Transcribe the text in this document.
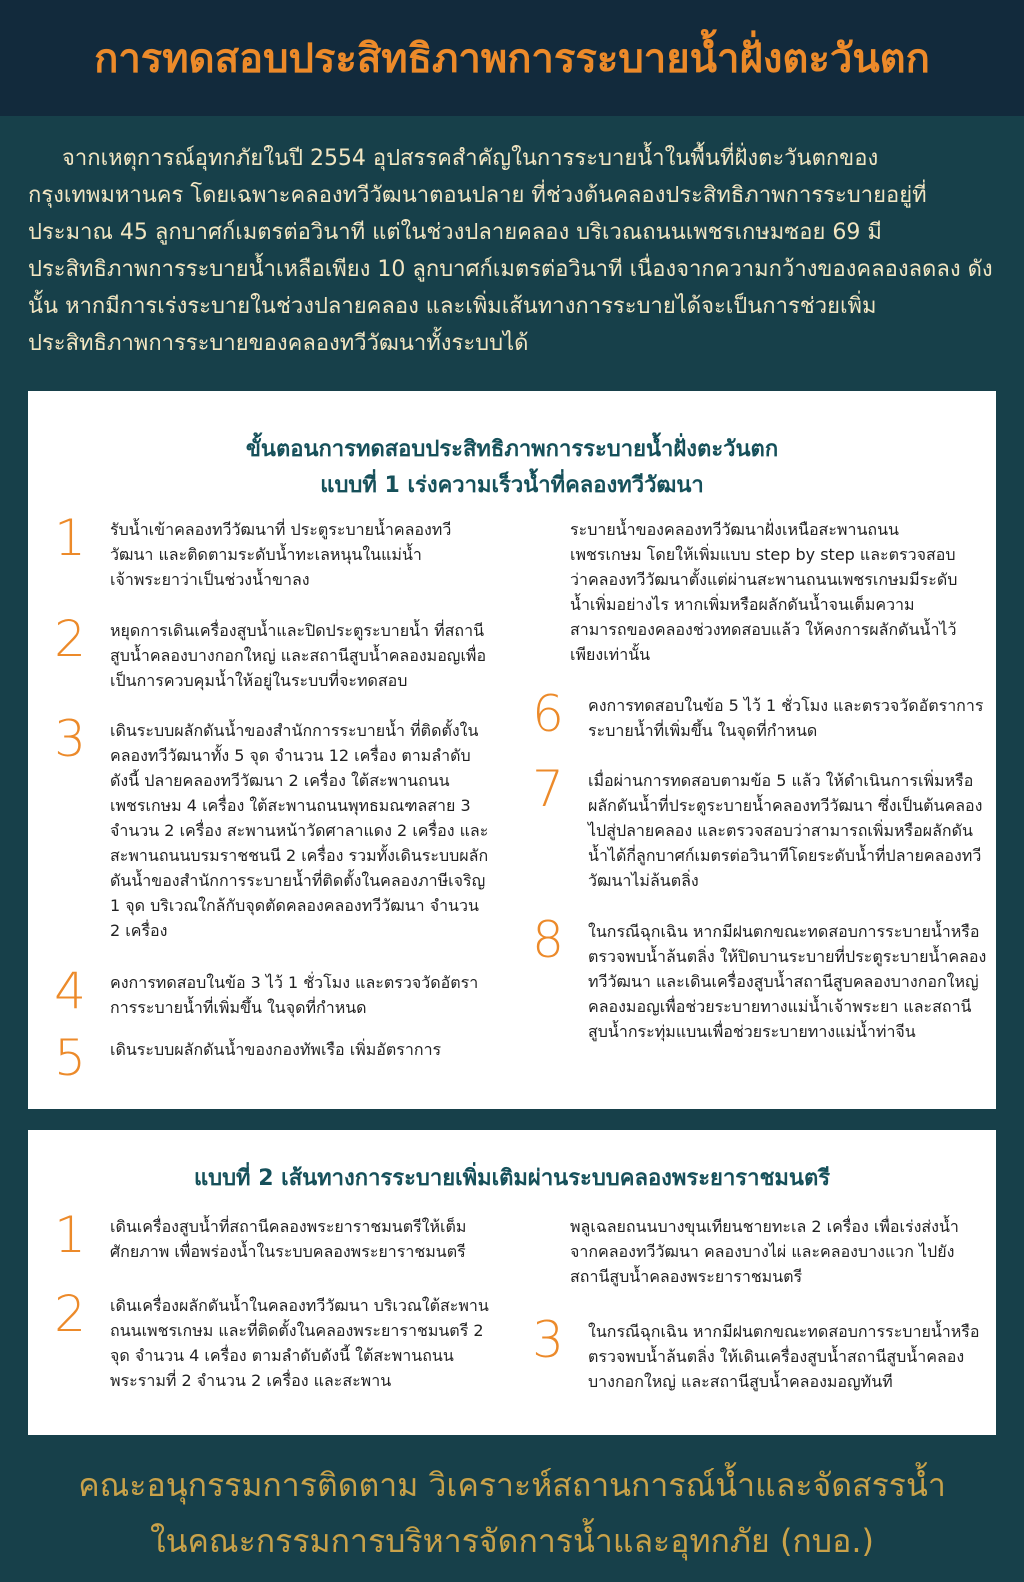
การทดสอบประสิทธิภาพการระบายน้ำฝั่งตะวันตก

จากเหตุการณ์อุทกภัยในปี 2554 อุปสรรคสำคัญในการระบายน้ำในพื้นที่ฝั่งตะวันตกของกรุงเทพมหานคร โดยเฉพาะคลองทวีวัฒนาตอนปลาย ที่ช่วงต้นคลองประสิทธิภาพการระบายอยู่ที่ประมาณ 45 ลูกบาศก์เมตรต่อวินาที แต่ในช่วงปลายคลอง บริเวณถนนเพชรเกษมซอย 69 มีประสิทธิภาพการระบายน้ำเหลือเพียง 10 ลูกบาศก์เมตรต่อวินาที เนื่องจากความกว้างของคลองลดลง ดังนั้น หากมีการเร่งระบายในช่วงปลายคลอง และเพิ่มเส้นทางการระบายได้จะเป็นการช่วยเพิ่มประสิทธิภาพการระบายของคลองทวีวัฒนาทั้งระบบได้

ขั้นตอนการทดสอบประสิทธิภาพการระบายน้ำฝั่งตะวันตก
แบบที่ 1 เร่งความเร็วน้ำที่คลองทวีวัฒนา
1	รับน้ำเข้าคลองทวีวัฒนาที่ ประตูระบายน้ำคลองทวีวัฒนา และติดตามระดับน้ำทะเลหนุนในแม่น้ำเจ้าพระยาว่าเป็นช่วงน้ำขาลง
2	หยุดการเดินเครื่องสูบน้ำและปิดประตูระบายน้ำ ที่สถานีสูบน้ำคลองบางกอกใหญ่ และสถานีสูบน้ำคลองมอญเพื่อเป็นการควบคุมน้ำให้อยู่ในระบบที่จะทดสอบ
3	เดินระบบผลักดันน้ำของสำนักการระบายน้ำ ที่ติดตั้งในคลองทวีวัฒนาทั้ง 5 จุด จำนวน 12 เครื่อง ตามลำดับดังนี้ ปลายคลองทวีวัฒนา 2 เครื่อง ใต้สะพานถนนเพชรเกษม 4 เครื่อง ใต้สะพานถนนพุทธมณฑลสาย 3 จำนวน 2 เครื่อง สะพานหน้าวัดศาลาแดง 2 เครื่อง และสะพานถนนบรมราชชนนี 2 เครื่อง รวมทั้งเดินระบบผลักดันน้ำของสำนักการระบายน้ำที่ติดตั้งในคลองภาษีเจริญ 1 จุด บริเวณใกล้กับจุดตัดคลองคลองทวีวัฒนา จำนวน 2 เครื่อง
4	คงการทดสอบในข้อ 3 ไว้ 1 ชั่วโมง และตรวจวัดอัตราการระบายน้ำที่เพิ่มขึ้น ในจุดที่กำหนด
5	เดินระบบผลักดันน้ำของกองทัพเรือ เพิ่มอัตราการ
ระบายน้ำของคลองทวีวัฒนาฝั่งเหนือสะพานถนนเพชรเกษม โดยให้เพิ่มแบบ step by step และตรวจสอบว่าคลองทวีวัฒนาตั้งแต่ผ่านสะพานถนนเพชรเกษมมีระดับน้ำเพิ่มอย่างไร หากเพิ่มหรือผลักดันน้ำจนเต็มความสามารถของคลองช่วงทดสอบแล้ว ให้คงการผลักดันน้ำไว้เพียงเท่านั้น
6	คงการทดสอบในข้อ 5 ไว้ 1 ชั่วโมง และตรวจวัดอัตราการระบายน้ำที่เพิ่มขึ้น ในจุดที่กำหนด
7	เมื่อผ่านการทดสอบตามข้อ 5 แล้ว ให้ดำเนินการเพิ่มหรือผลักดันน้ำที่ประตูระบายน้ำคลองทวีวัฒนา ซึ่งเป็นต้นคลอง ไปสู่ปลายคลอง และตรวจสอบว่าสามารถเพิ่มหรือผลักดันน้ำได้กี่ลูกบาศก์เมตรต่อวินาทีโดยระดับน้ำที่ปลายคลองทวีวัฒนาไม่ล้นตลิ่ง
8	ในกรณีฉุกเฉิน หากมีฝนตกขณะทดสอบการระบายน้ำหรือตรวจพบน้ำล้นตลิ่ง ให้ปิดบานระบายที่ประตูระบายน้ำคลองทวีวัฒนา และเดินเครื่องสูบน้ำสถานีสูบคลองบางกอกใหญ่ คลองมอญเพื่อช่วยระบายทางแม่น้ำเจ้าพระยา และสถานีสูบน้ำกระทุ่มแบนเพื่อช่วยระบายทางแม่น้ำท่าจีน
แบบที่ 2 เส้นทางการระบายเพิ่มเติมผ่านระบบคลองพระยาราชมนตรี
1	เดินเครื่องสูบน้ำที่สถานีคลองพระยาราชมนตรีให้เต็มศักยภาพ เพื่อพร่องน้ำในระบบคลองพระยาราชมนตรี
2	เดินเครื่องผลักดันน้ำในคลองทวีวัฒนา บริเวณใต้สะพานถนนเพชรเกษม และที่ติดตั้งในคลองพระยาราชมนตรี 2 จุด จำนวน 4 เครื่อง ตามลำดับดังนี้ ใต้สะพานถนนพระรามที่ 2 จำนวน 2 เครื่อง และสะพาน
พลูเฉลยถนนบางขุนเทียนชายทะเล 2 เครื่อง เพื่อเร่งส่งน้ำจากคลองทวีวัฒนา คลองบางไผ่ และคลองบางแวก ไปยังสถานีสูบน้ำคลองพระยาราชมนตรี
3	ในกรณีฉุกเฉิน หากมีฝนตกขณะทดสอบการระบายน้ำหรือตรวจพบน้ำล้นตลิ่ง ให้เดินเครื่องสูบน้ำสถานีสูบน้ำคลองบางกอกใหญ่ และสถานีสูบน้ำคลองมอญทันที
คณะอนุกรรมการติดตาม วิเคราะห์สถานการณ์น้ำและจัดสรรน้ำ
ในคณะกรรมการบริหารจัดการน้ำและอุทกภัย (กบอ.)
